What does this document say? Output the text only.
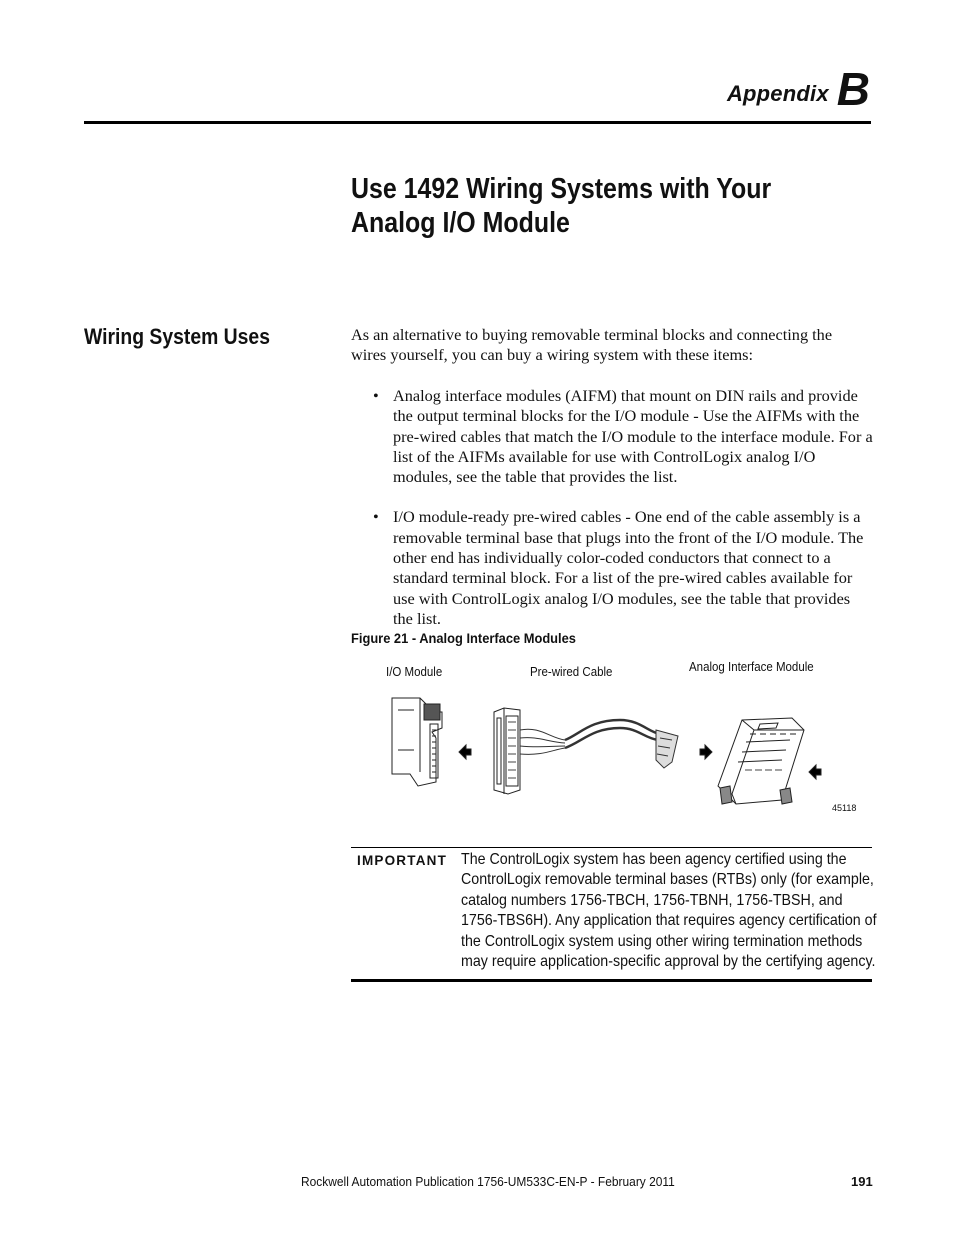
Appendix B
Use 1492 Wiring Systems with Your
Analog I/O Module
Wiring System Uses	As an alternative to buying removable terminal blocks and connecting the wires yourself, you can buy a wiring system with these items:

• Analog interface modules (AIFM) that mount on DIN rails and provide the output terminal blocks for the I/O module - Use the AIFMs with the pre-wired cables that match the I/O module to the interface module. For a list of the AIFMs available for use with ControlLogix analog I/O modules, see the table that provides the list.
• I/O module-ready pre-wired cables - One end of the cable assembly is a removable terminal base that plugs into the front of the I/O module. The other end has individually color-coded conductors that connect to a standard terminal block. For a list of the pre-wired cables available for use with ControlLogix analog I/O modules, see the table that provides the list.
Figure 21 - Analog Interface Modules
I/O Module	Pre-wired Cable	Analog Interface Module
45118
IMPORTANT The ControlLogix system has been agency certified using the ControlLogix removable terminal bases (RTBs) only (for example, catalog numbers 1756-TBCH, 1756-TBNH, 1756-TBSH, and 1756-TBS6H). Any application that requires agency certification of the ControlLogix system using other wiring termination methods may require application-specific approval by the certifying agency.
Rockwell Automation Publication 1756-UM533C-EN-P - February 2011	191
